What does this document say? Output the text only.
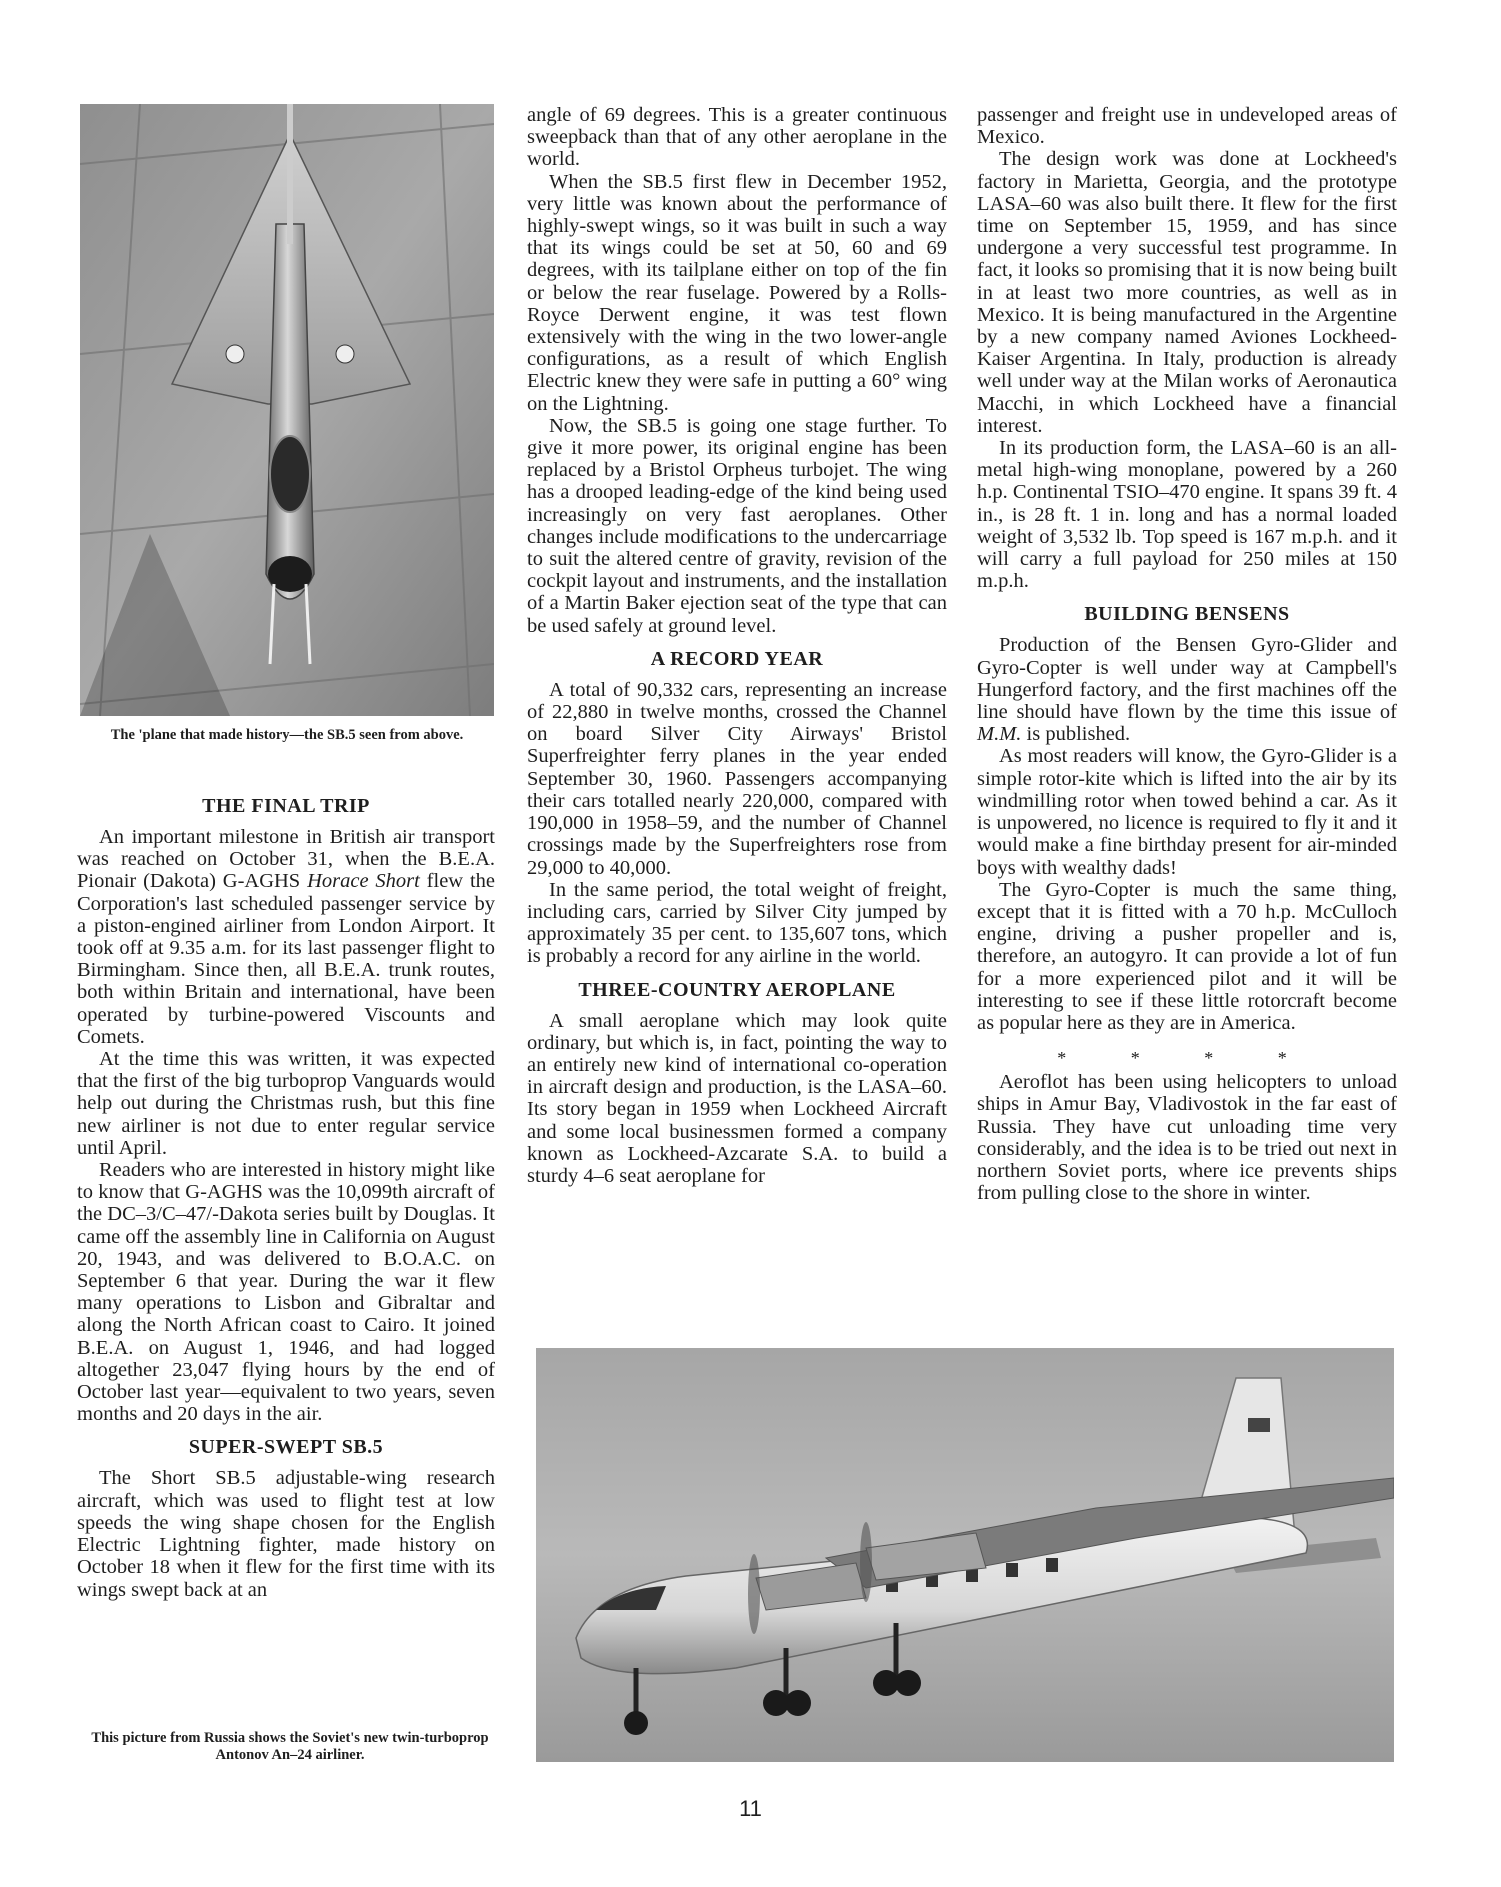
The 'plane that made history—the SB.5 seen from above.
THE FINAL TRIP

An important milestone in British air transport was reached on October 31, when the B.E.A. Pionair (Dakota) G-AGHS Horace Short flew the Corporation's last scheduled passenger service by a piston-engined airliner from London Airport. It took off at 9.35 a.m. for its last passenger flight to Birmingham. Since then, all B.E.A. trunk routes, both within Britain and international, have been operated by turbine-powered Viscounts and Comets.

At the time this was written, it was expected that the first of the big turboprop Vanguards would help out during the Christmas rush, but this fine new airliner is not due to enter regular service until April.

Readers who are interested in history might like to know that G-AGHS was the 10,099th aircraft of the DC–3/C–47/-Dakota series built by Douglas. It came off the assembly line in California on August 20, 1943, and was delivered to B.O.A.C. on September 6 that year. During the war it flew many operations to Lisbon and Gibraltar and along the North African coast to Cairo. It joined B.E.A. on August 1, 1946, and had logged altogether 23,047 flying hours by the end of October last year—equivalent to two years, seven months and 20 days in the air.

SUPER-SWEPT SB.5

The Short SB.5 adjustable-wing research aircraft, which was used to flight test at low speeds the wing shape chosen for the English Electric Lightning fighter, made history on October 18 when it flew for the first time with its wings swept back at an

angle of 69 degrees. This is a greater continuous sweepback than that of any other aeroplane in the world.

When the SB.5 first flew in December 1952, very little was known about the performance of highly-swept wings, so it was built in such a way that its wings could be set at 50, 60 and 69 degrees, with its tailplane either on top of the fin or below the rear fuselage. Powered by a Rolls-Royce Derwent engine, it was test flown extensively with the wing in the two lower-angle configurations, as a result of which English Electric knew they were safe in putting a 60° wing on the Lightning.

Now, the SB.5 is going one stage further. To give it more power, its original engine has been replaced by a Bristol Orpheus turbojet. The wing has a drooped leading-edge of the kind being used increasingly on very fast aeroplanes. Other changes include modifications to the undercarriage to suit the altered centre of gravity, revision of the cockpit layout and instruments, and the installation of a Martin Baker ejection seat of the type that can be used safely at ground level.

A RECORD YEAR

A total of 90,332 cars, representing an increase of 22,880 in twelve months, crossed the Channel on board Silver City Airways' Bristol Superfreighter ferry planes in the year ended September 30, 1960. Passengers accompanying their cars totalled nearly 220,000, compared with 190,000 in 1958–59, and the number of Channel crossings made by the Superfreighters rose from 29,000 to 40,000.

In the same period, the total weight of freight, including cars, carried by Silver City jumped by approximately 35 per cent. to 135,607 tons, which is probably a record for any airline in the world.

THREE-COUNTRY AEROPLANE

A small aeroplane which may look quite ordinary, but which is, in fact, pointing the way to an entirely new kind of international co-operation in aircraft design and production, is the LASA–60. Its story began in 1959 when Lockheed Aircraft and some local businessmen formed a company known as Lockheed-Azcarate S.A. to build a sturdy 4–6 seat aeroplane for

passenger and freight use in undeveloped areas of Mexico.

The design work was done at Lockheed's factory in Marietta, Georgia, and the prototype LASA–60 was also built there. It flew for the first time on September 15, 1959, and has since undergone a very successful test programme. In fact, it looks so promising that it is now being built in at least two more countries, as well as in Mexico. It is being manufactured in the Argentine by a new company named Aviones Lockheed-Kaiser Argentina. In Italy, production is already well under way at the Milan works of Aeronautica Macchi, in which Lockheed have a financial interest.

In its production form, the LASA–60 is an all-metal high-wing monoplane, powered by a 260 h.p. Continental TSIO–470 engine. It spans 39 ft. 4 in., is 28 ft. 1 in. long and has a normal loaded weight of 3,532 lb. Top speed is 167 m.p.h. and it will carry a full payload for 250 miles at 150 m.p.h.

BUILDING BENSENS

Production of the Bensen Gyro-Glider and Gyro-Copter is well under way at Campbell's Hungerford factory, and the first machines off the line should have flown by the time this issue of M.M. is published.

As most readers will know, the Gyro-Glider is a simple rotor-kite which is lifted into the air by its windmilling rotor when towed behind a car. As it is unpowered, no licence is required to fly it and it would make a fine birthday present for air-minded boys with wealthy dads!

The Gyro-Copter is much the same thing, except that it is fitted with a 70 h.p. McCulloch engine, driving a pusher propeller and is, therefore, an autogyro. It can provide a lot of fun for a more experienced pilot and it will be interesting to see if these little rotorcraft become as popular here as they are in America.

* * * *

Aeroflot has been using helicopters to unload ships in Amur Bay, Vladivostok in the far east of Russia. They have cut unloading time very considerably, and the idea is to be tried out next in northern Soviet ports, where ice prevents ships from pulling close to the shore in winter.

This picture from Russia shows the Soviet's new twin-turboprop Antonov An–24 airliner.
11
